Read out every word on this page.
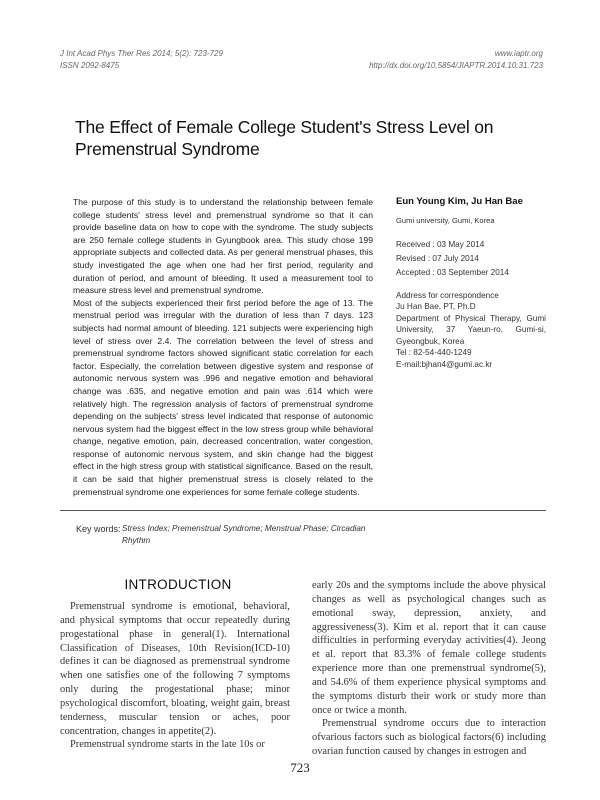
J Int Acad Phys Ther Res 2014; 5(2): 723-729
ISSN 2092-8475
www.iaptr.org
http://dx.doi.org/10.5854/JIAPTR.2014.10.31.723
The Effect of Female College Student's Stress Level on
Premenstrual Syndrome

The purpose of this study is to understand the relationship between female college students' stress level and premenstrual syndrome so that it can provide baseline data on how to cope with the syndrome. The study subjects are 250 female college students in Gyungbook area. This study chose 199 appropriate subjects and collected data. As per general menstrual phases, this study investigated the age when one had her first period, regularity and duration of period, and amount of bleeding. It used a measurement tool to measure stress level and premenstrual syndrome.

Most of the subjects experienced their first period before the age of 13. The menstrual period was irregular with the duration of less than 7 days. 123 subjects had normal amount of bleeding. 121 subjects were experiencing high level of stress over 2.4. The correlation between the level of stress and premenstrual syndrome factors showed significant static correlation for each factor. Especially, the correlation between digestive system and response of autonomic nervous system was .996 and negative emotion and behavioral change was .635, and negative emotion and pain was .614 which were relatively high. The regression analysis of factors of premenstrual syndrome depending on the subjects' stress level indicated that response of autonomic nervous system had the biggest effect in the low stress group while behavioral change, negative emotion, pain, decreased concentration, water congestion, response of autonomic nervous system, and skin change had the biggest effect in the high stress group with statistical significance. Based on the result, it can be said that higher premenstrual stress is closely related to the premenstrual syndrome one experiences for some female college students.

Eun Young Kim, Ju Han Bae
Gumi university, Gumi, Korea
Received : 03 May 2014
Revised : 07 July 2014
Accepted : 03 September 2014
Address for correspondence
Ju Han Bae, PT, Ph.D
Department of Physical Therapy, Gumi University, 37 Yaeun-ro, Gumi-si, Gyeongbuk, Korea
Tel : 82-54-440-1249
E-mail:bjhan4@gumi.ac.kr
Key words: Stress Index; Premenstrual Syndrome; Menstrual Phase; Circadian Rhythm
INTRODUCTION

Premenstrual syndrome is emotional, behavioral, and physical symptoms that occur repeatedly during progestational phase in general(1). International Classification of Diseases, 10th Revision(ICD-10) defines it can be diagnosed as premenstrual syndrome when one satisfies one of the following 7 symptoms only during the progestational phase; minor psychological discomfort, bloating, weight gain, breast tenderness, muscular tension or aches, poor concentration, changes in appetite(2).

Premenstrual syndrome starts in the late 10s or

early 20s and the symptoms include the above physical changes as well as psychological changes such as emotional sway, depression, anxiety, and aggressiveness(3). Kim et al. report that it can cause difficulties in performing everyday activities(4). Jeong et al. report that 83.3% of female college students experience more than one premenstrual syndrome(5), and 54.6% of them experience physical symptoms and the symptoms disturb their work or study more than once or twice a month.

Premenstrual syndrome occurs due to interaction ofvarious factors such as biological factors(6) including ovarian function caused by changes in estrogen and

723
